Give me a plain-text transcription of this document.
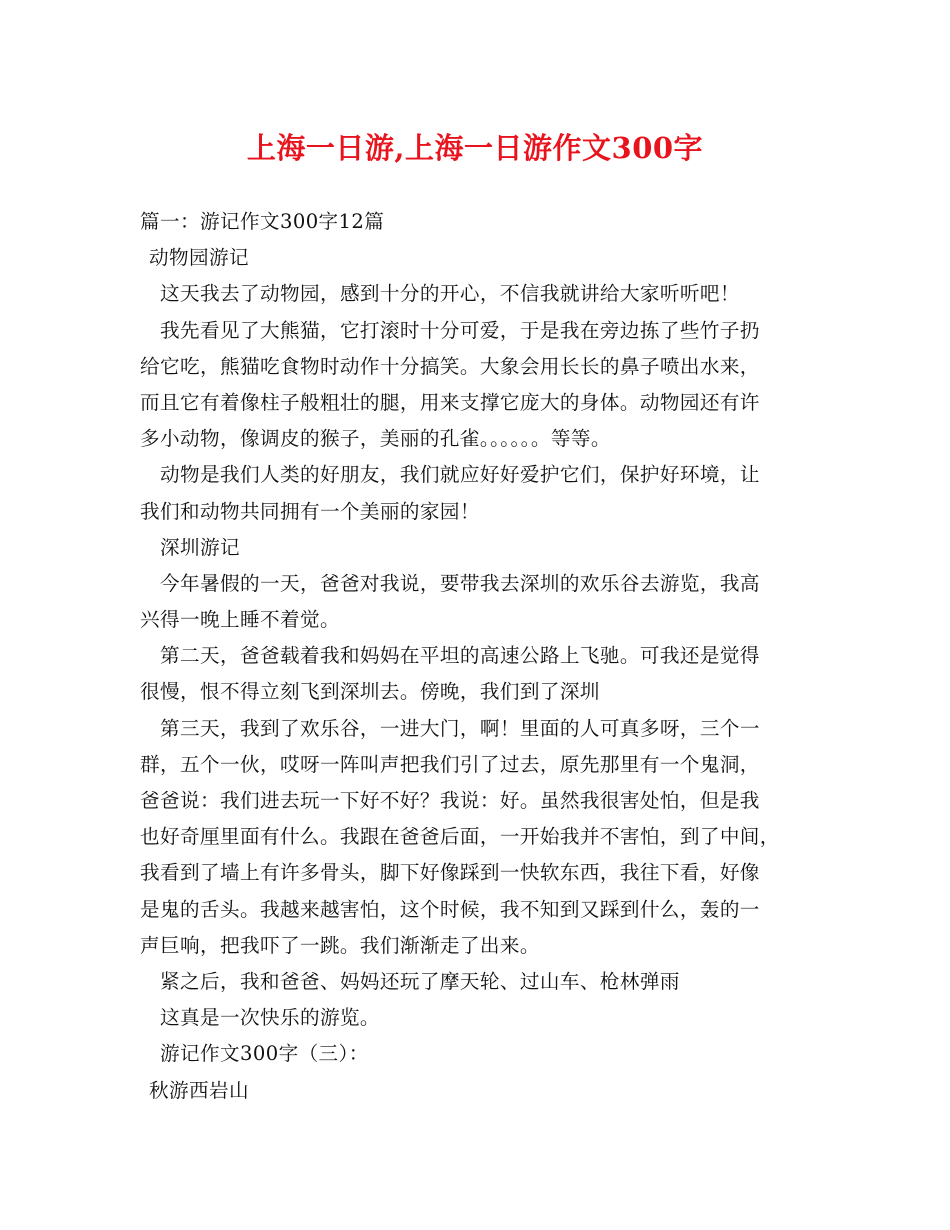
上海一日游,上海一日游作文300字
篇一：游记作文300字12篇
动物园游记
这天我去了动物园，感到十分的开心，不信我就讲给大家听听吧！
我先看见了大熊猫，它打滚时十分可爱，于是我在旁边拣了些竹子扔
给它吃，熊猫吃食物时动作十分搞笑。大象会用长长的鼻子喷出水来，
而且它有着像柱子般粗壮的腿，用来支撑它庞大的身体。动物园还有许
多小动物，像调皮的猴子，美丽的孔雀。。。。。。等等。
动物是我们人类的好朋友，我们就应好好爱护它们，保护好环境，让
我们和动物共同拥有一个美丽的家园！
深圳游记
今年暑假的一天，爸爸对我说，要带我去深圳的欢乐谷去游览，我高
兴得一晚上睡不着觉。
第二天，爸爸载着我和妈妈在平坦的高速公路上飞驰。可我还是觉得
很慢，恨不得立刻飞到深圳去。傍晚，我们到了深圳
第三天，我到了欢乐谷，一进大门，啊！里面的人可真多呀，三个一
群，五个一伙，哎呀一阵叫声把我们引了过去，原先那里有一个鬼洞，
爸爸说：我们进去玩一下好不好？我说：好。虽然我很害处怕，但是我
也好奇厘里面有什么。我跟在爸爸后面，一开始我并不害怕，到了中间，
我看到了墙上有许多骨头，脚下好像踩到一快软东西，我往下看，好像
是鬼的舌头。我越来越害怕，这个时候，我不知到又踩到什么，轰的一
声巨响，把我吓了一跳。我们渐渐走了出来。
紧之后，我和爸爸、妈妈还玩了摩天轮、过山车、枪林弹雨
这真是一次快乐的游览。
游记作文300字（三）：
秋游西岩山
